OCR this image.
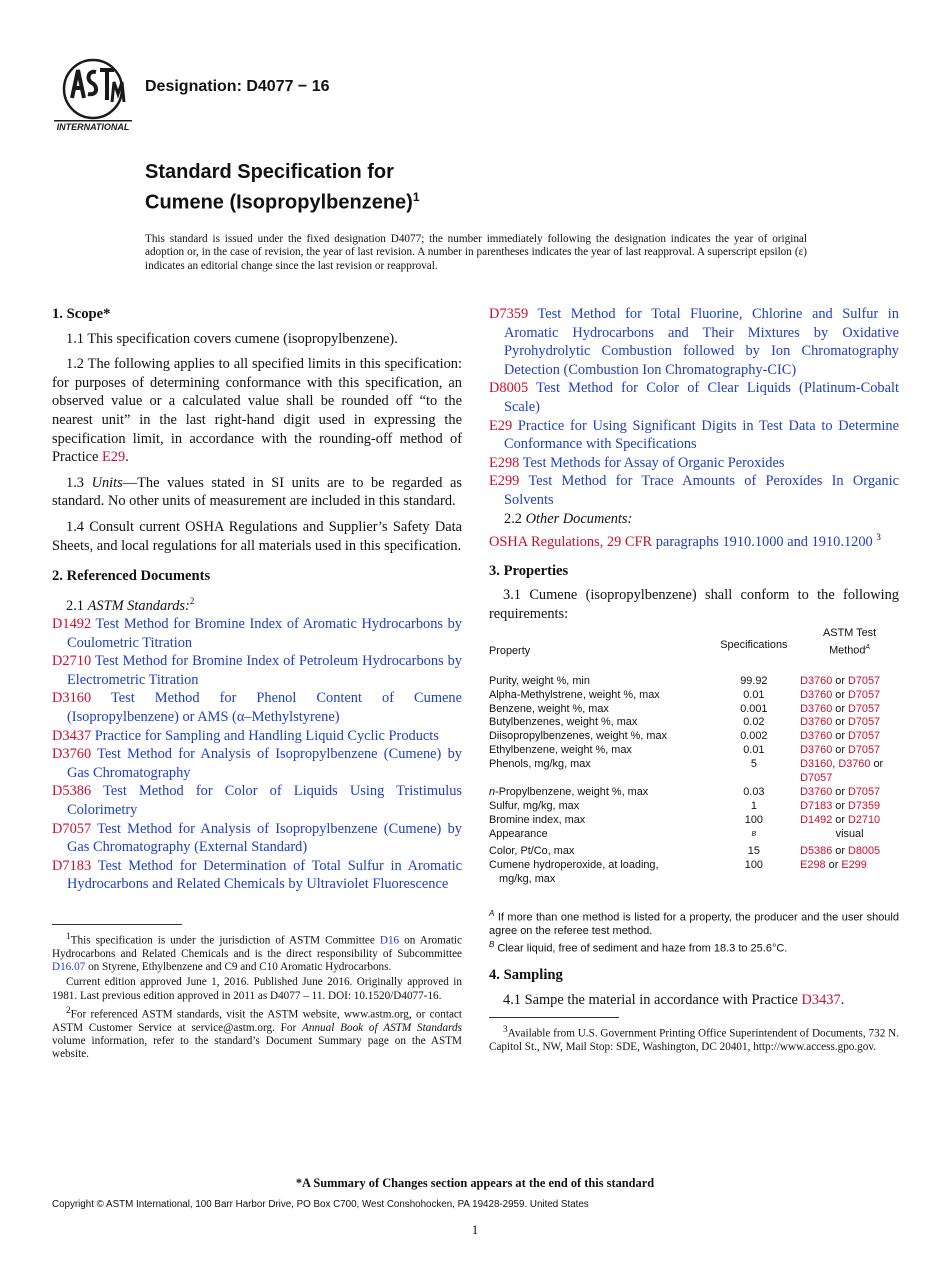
INTERNATIONAL
Designation: D4077 − 16
Standard Specification for
Cumene (Isopropylbenzene)$^1$
This standard is issued under the fixed designation D4077; the number immediately following the designation indicates the year of original adoption or, in the case of revision, the year of last revision. A number in parentheses indicates the year of last reapproval. A superscript epsilon (ε) indicates an editorial change since the last revision or reapproval.
1. Scope*

1.1 This specification covers cumene (isopropylbenzene).

1.2 The following applies to all specified limits in this specification: for purposes of determining conformance with this specification, an observed value or a calculated value shall be rounded off “to the nearest unit” in the last right-hand digit used in expressing the specification limit, in accordance with the rounding-off method of Practice E29.

1.3 Units—The values stated in SI units are to be regarded as standard. No other units of measurement are included in this standard.

1.4 Consult current OSHA Regulations and Supplier’s Safety Data Sheets, and local regulations for all materials used in this specification.

2. Referenced Documents

2.1 ASTM Standards:$^2$

D1492 Test Method for Bromine Index of Aromatic Hydrocarbons by Coulometric Titration

D2710 Test Method for Bromine Index of Petroleum Hydrocarbons by Electrometric Titration

D3160 Test Method for Phenol Content of Cumene (Isopropylbenzene) or AMS (α–Methylstyrene)

D3437 Practice for Sampling and Handling Liquid Cyclic Products

D3760 Test Method for Analysis of Isopropylbenzene (Cumene) by Gas Chromatography

D5386 Test Method for Color of Liquids Using Tristimulus Colorimetry

D7057 Test Method for Analysis of Isopropylbenzene (Cumene) by Gas Chromatography (External Standard)

D7183 Test Method for Determination of Total Sulfur in Aromatic Hydrocarbons and Related Chemicals by Ultraviolet Fluorescence

$^1$This specification is under the jurisdiction of ASTM Committee D16 on Aromatic Hydrocarbons and Related Chemicals and is the direct responsibility of Subcommittee D16.07 on Styrene, Ethylbenzene and C9 and C10 Aromatic Hydrocarbons.

Current edition approved June 1, 2016. Published June 2016. Originally approved in 1981. Last previous edition approved in 2011 as D4077 – 11. DOI: 10.1520/D4077-16.

$^2$For referenced ASTM standards, visit the ASTM website, www.astm.org, or contact ASTM Customer Service at service@astm.org. For Annual Book of ASTM Standards volume information, refer to the standard’s Document Summary page on the ASTM website.

D7359 Test Method for Total Fluorine, Chlorine and Sulfur in Aromatic Hydrocarbons and Their Mixtures by Oxidative Pyrohydrolytic Combustion followed by Ion Chromatography Detection (Combustion Ion Chromatography-CIC)

D8005 Test Method for Color of Clear Liquids (Platinum-Cobalt Scale)

E29 Practice for Using Significant Digits in Test Data to Determine Conformance with Specifications

E298 Test Methods for Assay of Organic Peroxides

E299 Test Method for Trace Amounts of Peroxides In Organic Solvents

2.2 Other Documents:

OSHA Regulations, 29 CFR paragraphs 1910.1000 and 1910.1200 $^3$

3. Properties

3.1 Cumene (isopropylbenzene) shall conform to the following requirements:

Property	Specifications	ASTM Test
Method$^A$
Purity, weight %, min	99.92	D3760 or D7057
Alpha-Methylstrene, weight %, max	0.01	D3760 or D7057
Benzene, weight %, max	0.001	D3760 or D7057
Butylbenzenes, weight %, max	0.02	D3760 or D7057
Diisopropylbenzenes, weight %, max	0.002	D3760 or D7057
Ethylbenzene, weight %, max	0.01	D3760 or D7057
Phenols, mg/kg, max	5	D3160, D3760 or
D7057
n-Propylbenzene, weight %, max	0.03	D3760 or D7057
Sulfur, mg/kg, max	1	D7183 or D7359
Bromine index, max	100	D1492 or D2710
Appearance	$^B$	visual
Color, Pt/Co, max	15	D5386 or D8005
Cumene hydroperoxide, at loading,
mg/kg, max	100	E298 or E299

$^A$ If more than one method is listed for a property, the producer and the user should agree on the referee test method.

$^B$ Clear liquid, free of sediment and haze from 18.3 to 25.6°C.

4. Sampling

4.1 Sampe the material in accordance with Practice D3437.

$^3$Available from U.S. Government Printing Office Superintendent of Documents, 732 N. Capitol St., NW, Mail Stop: SDE, Washington, DC 20401, http://www.access.gpo.gov.

*A Summary of Changes section appears at the end of this standard
Copyright © ASTM International, 100 Barr Harbor Drive, PO Box C700, West Conshohocken, PA 19428-2959. United States
1
